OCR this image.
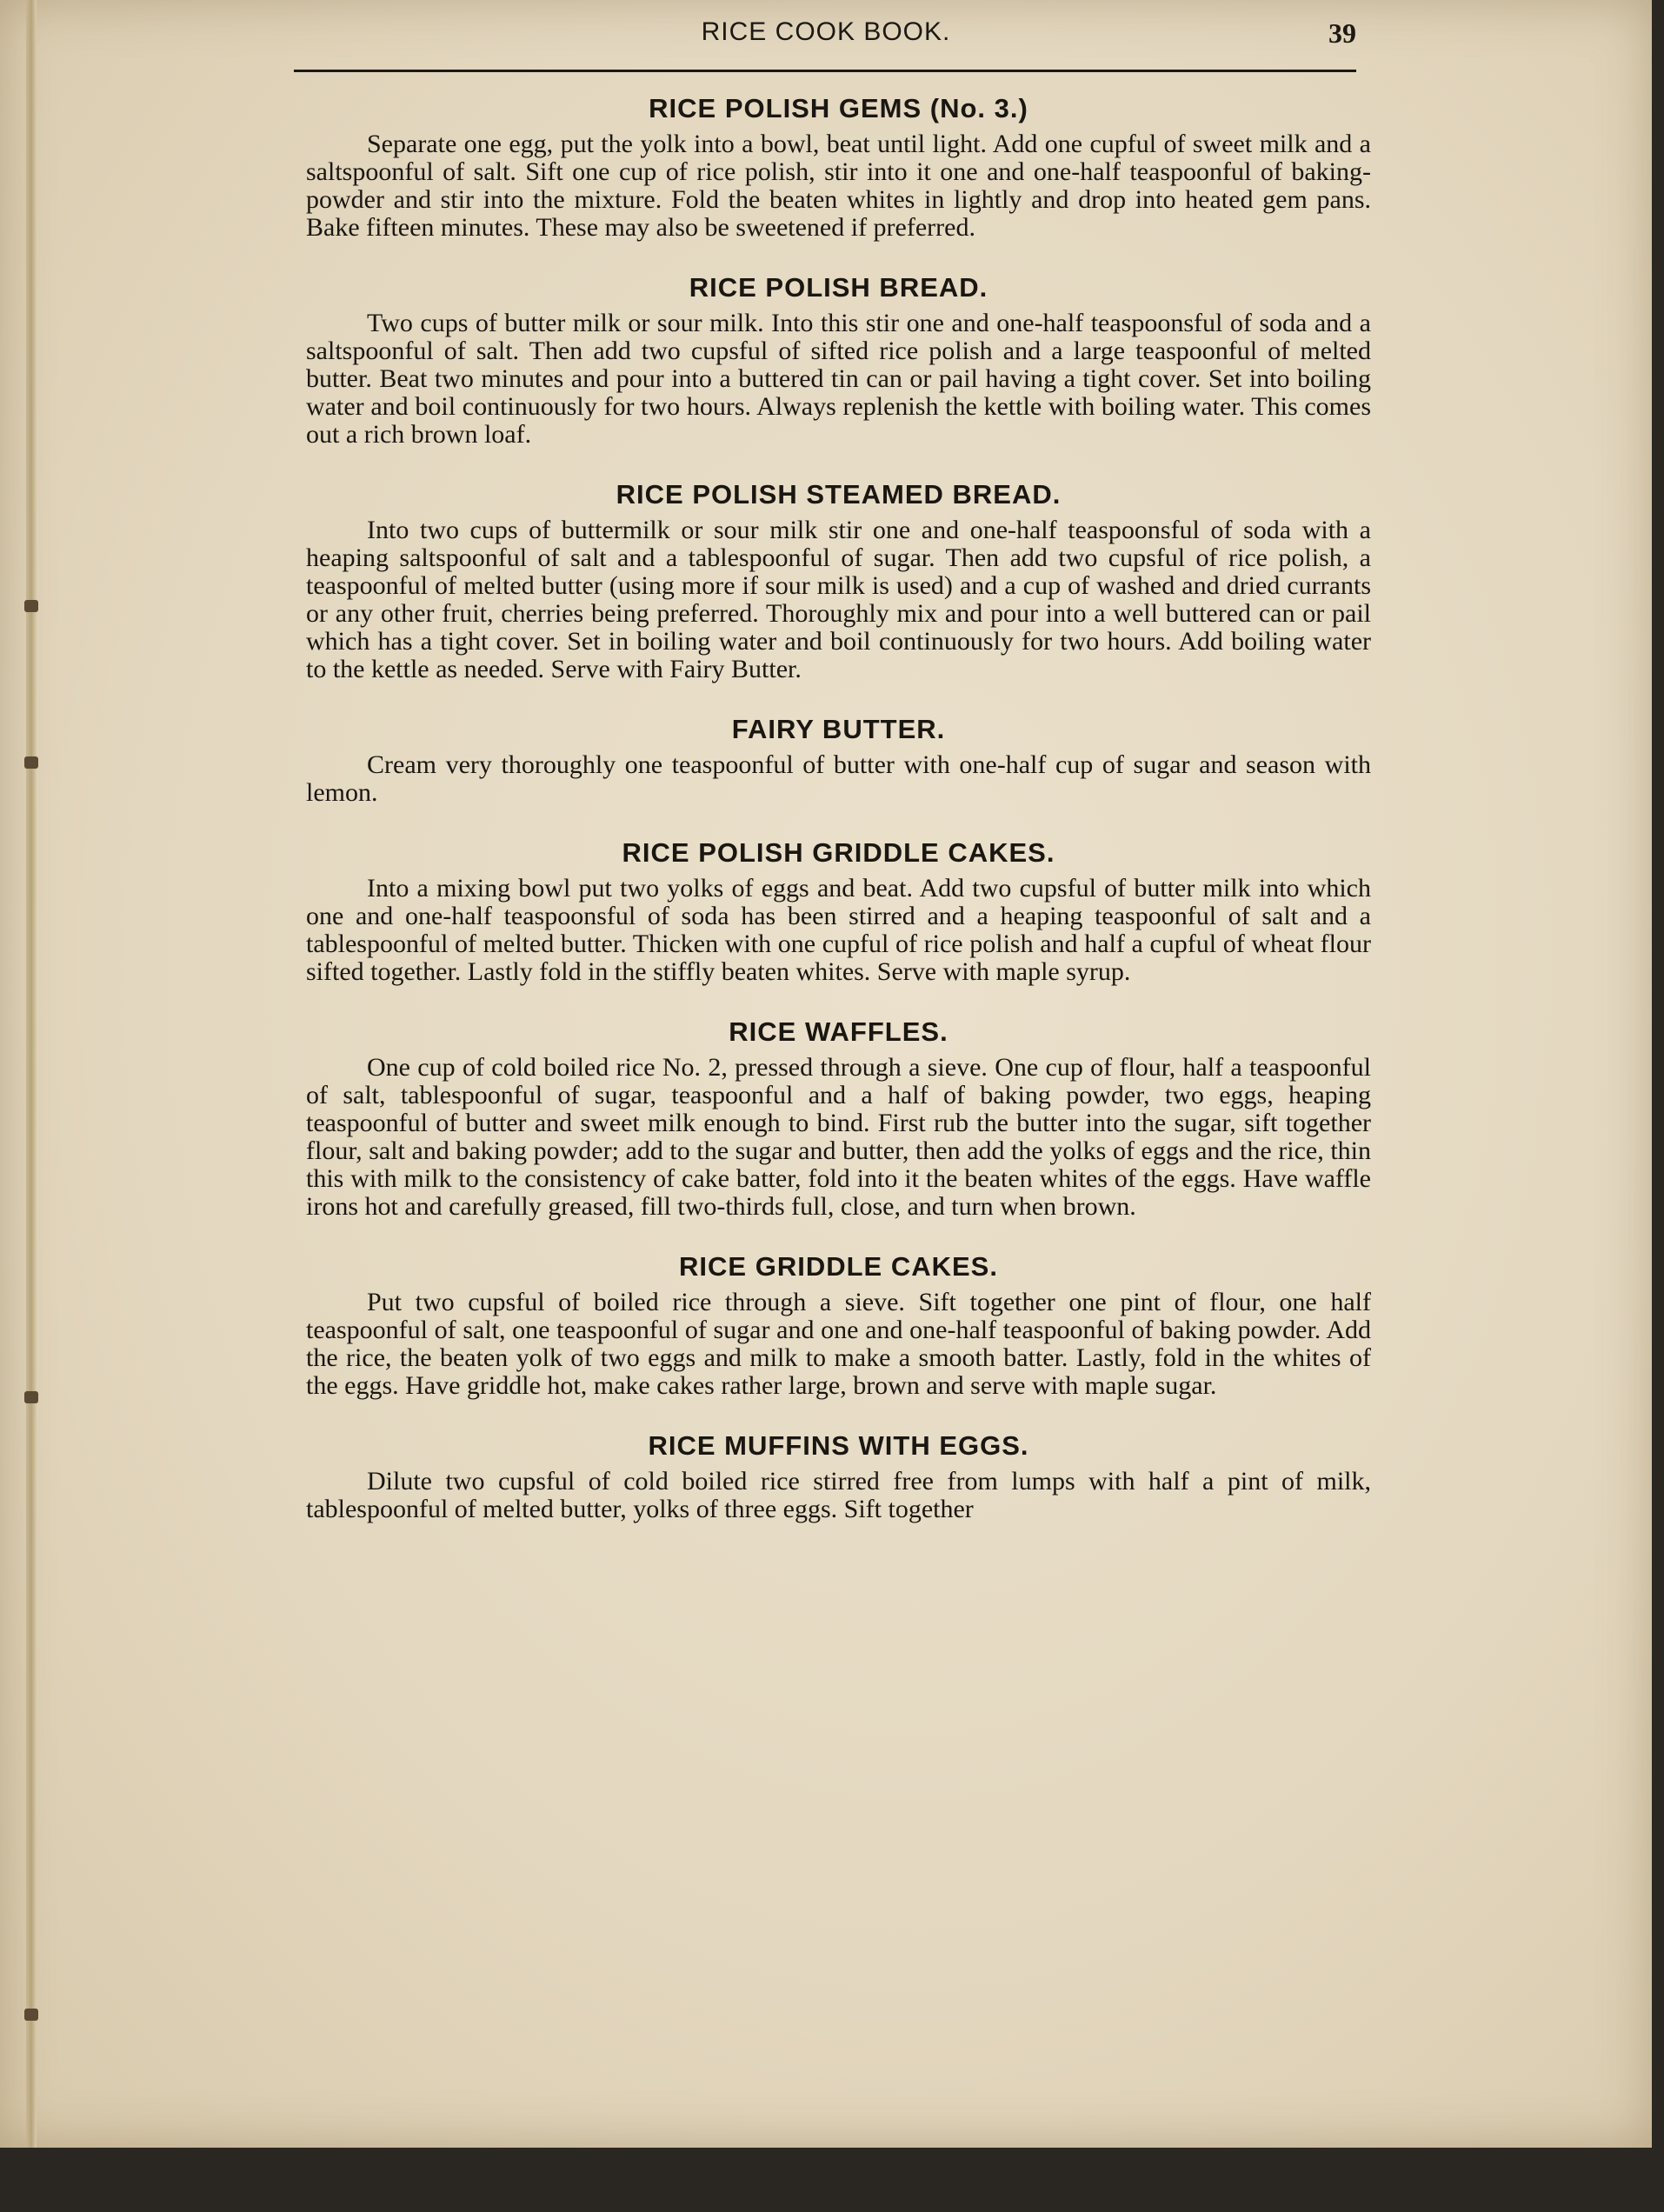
RICE COOK BOOK.	39
RICE POLISH GEMS (No. 3.)

Separate one egg, put the yolk into a bowl, beat until light. Add one cupful of sweet milk and a saltspoonful of salt. Sift one cup of rice polish, stir into it one and one-half teaspoonful of baking-powder and stir into the mixture. Fold the beaten whites in lightly and drop into heated gem pans. Bake fifteen minutes. These may also be sweetened if preferred.

RICE POLISH BREAD.

Two cups of butter milk or sour milk. Into this stir one and one-half teaspoonsful of soda and a saltspoonful of salt. Then add two cupsful of sifted rice polish and a large teaspoonful of melted butter. Beat two minutes and pour into a buttered tin can or pail having a tight cover. Set into boiling water and boil continuously for two hours. Always replenish the kettle with boiling water. This comes out a rich brown loaf.

RICE POLISH STEAMED BREAD.

Into two cups of buttermilk or sour milk stir one and one-half teaspoonsful of soda with a heaping saltspoonful of salt and a tablespoonful of sugar. Then add two cupsful of rice polish, a teaspoonful of melted butter (using more if sour milk is used) and a cup of washed and dried currants or any other fruit, cherries being preferred. Thoroughly mix and pour into a well buttered can or pail which has a tight cover. Set in boiling water and boil continuously for two hours. Add boiling water to the kettle as needed. Serve with Fairy Butter.

FAIRY BUTTER.

Cream very thoroughly one teaspoonful of butter with one-half cup of sugar and season with lemon.

RICE POLISH GRIDDLE CAKES.

Into a mixing bowl put two yolks of eggs and beat. Add two cupsful of butter milk into which one and one-half teaspoonsful of soda has been stirred and a heaping teaspoonful of salt and a tablespoonful of melted butter. Thicken with one cupful of rice polish and half a cupful of wheat flour sifted together. Lastly fold in the stiffly beaten whites. Serve with maple syrup.

RICE WAFFLES.

One cup of cold boiled rice No. 2, pressed through a sieve. One cup of flour, half a teaspoonful of salt, tablespoonful of sugar, teaspoonful and a half of baking powder, two eggs, heaping teaspoonful of butter and sweet milk enough to bind. First rub the butter into the sugar, sift together flour, salt and baking powder; add to the sugar and butter, then add the yolks of eggs and the rice, thin this with milk to the consistency of cake batter, fold into it the beaten whites of the eggs. Have waffle irons hot and carefully greased, fill two-thirds full, close, and turn when brown.

RICE GRIDDLE CAKES.

Put two cupsful of boiled rice through a sieve. Sift together one pint of flour, one half teaspoonful of salt, one teaspoonful of sugar and one and one-half teaspoonful of baking powder. Add the rice, the beaten yolk of two eggs and milk to make a smooth batter. Lastly, fold in the whites of the eggs. Have griddle hot, make cakes rather large, brown and serve with maple sugar.

RICE MUFFINS WITH EGGS.

Dilute two cupsful of cold boiled rice stirred free from lumps with half a pint of milk, tablespoonful of melted butter, yolks of three eggs. Sift together
